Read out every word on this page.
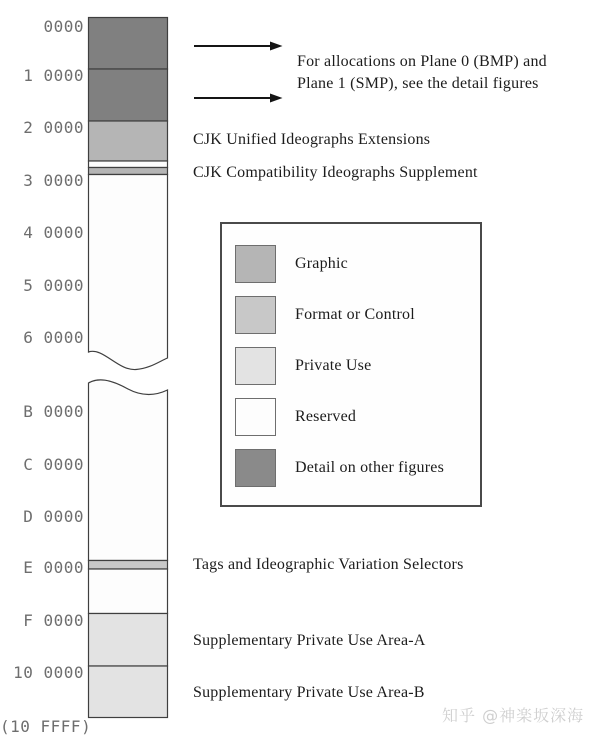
0000
1 0000
2 0000
3 0000
4 0000
5 0000
6 0000
B 0000
C 0000
D 0000
E 0000
F 0000
10 0000
(10 FFFF)
For allocations on Plane 0 (BMP) and
Plane 1 (SMP), see the detail figures
CJK Unified Ideographs Extensions
CJK Compatibility Ideographs Supplement
Tags and Ideographic Variation Selectors
Supplementary Private Use Area-A
Supplementary Private Use Area-B
Graphic
Format or Control
Private Use
Reserved
Detail on other figures
知乎 @神楽坂深海
